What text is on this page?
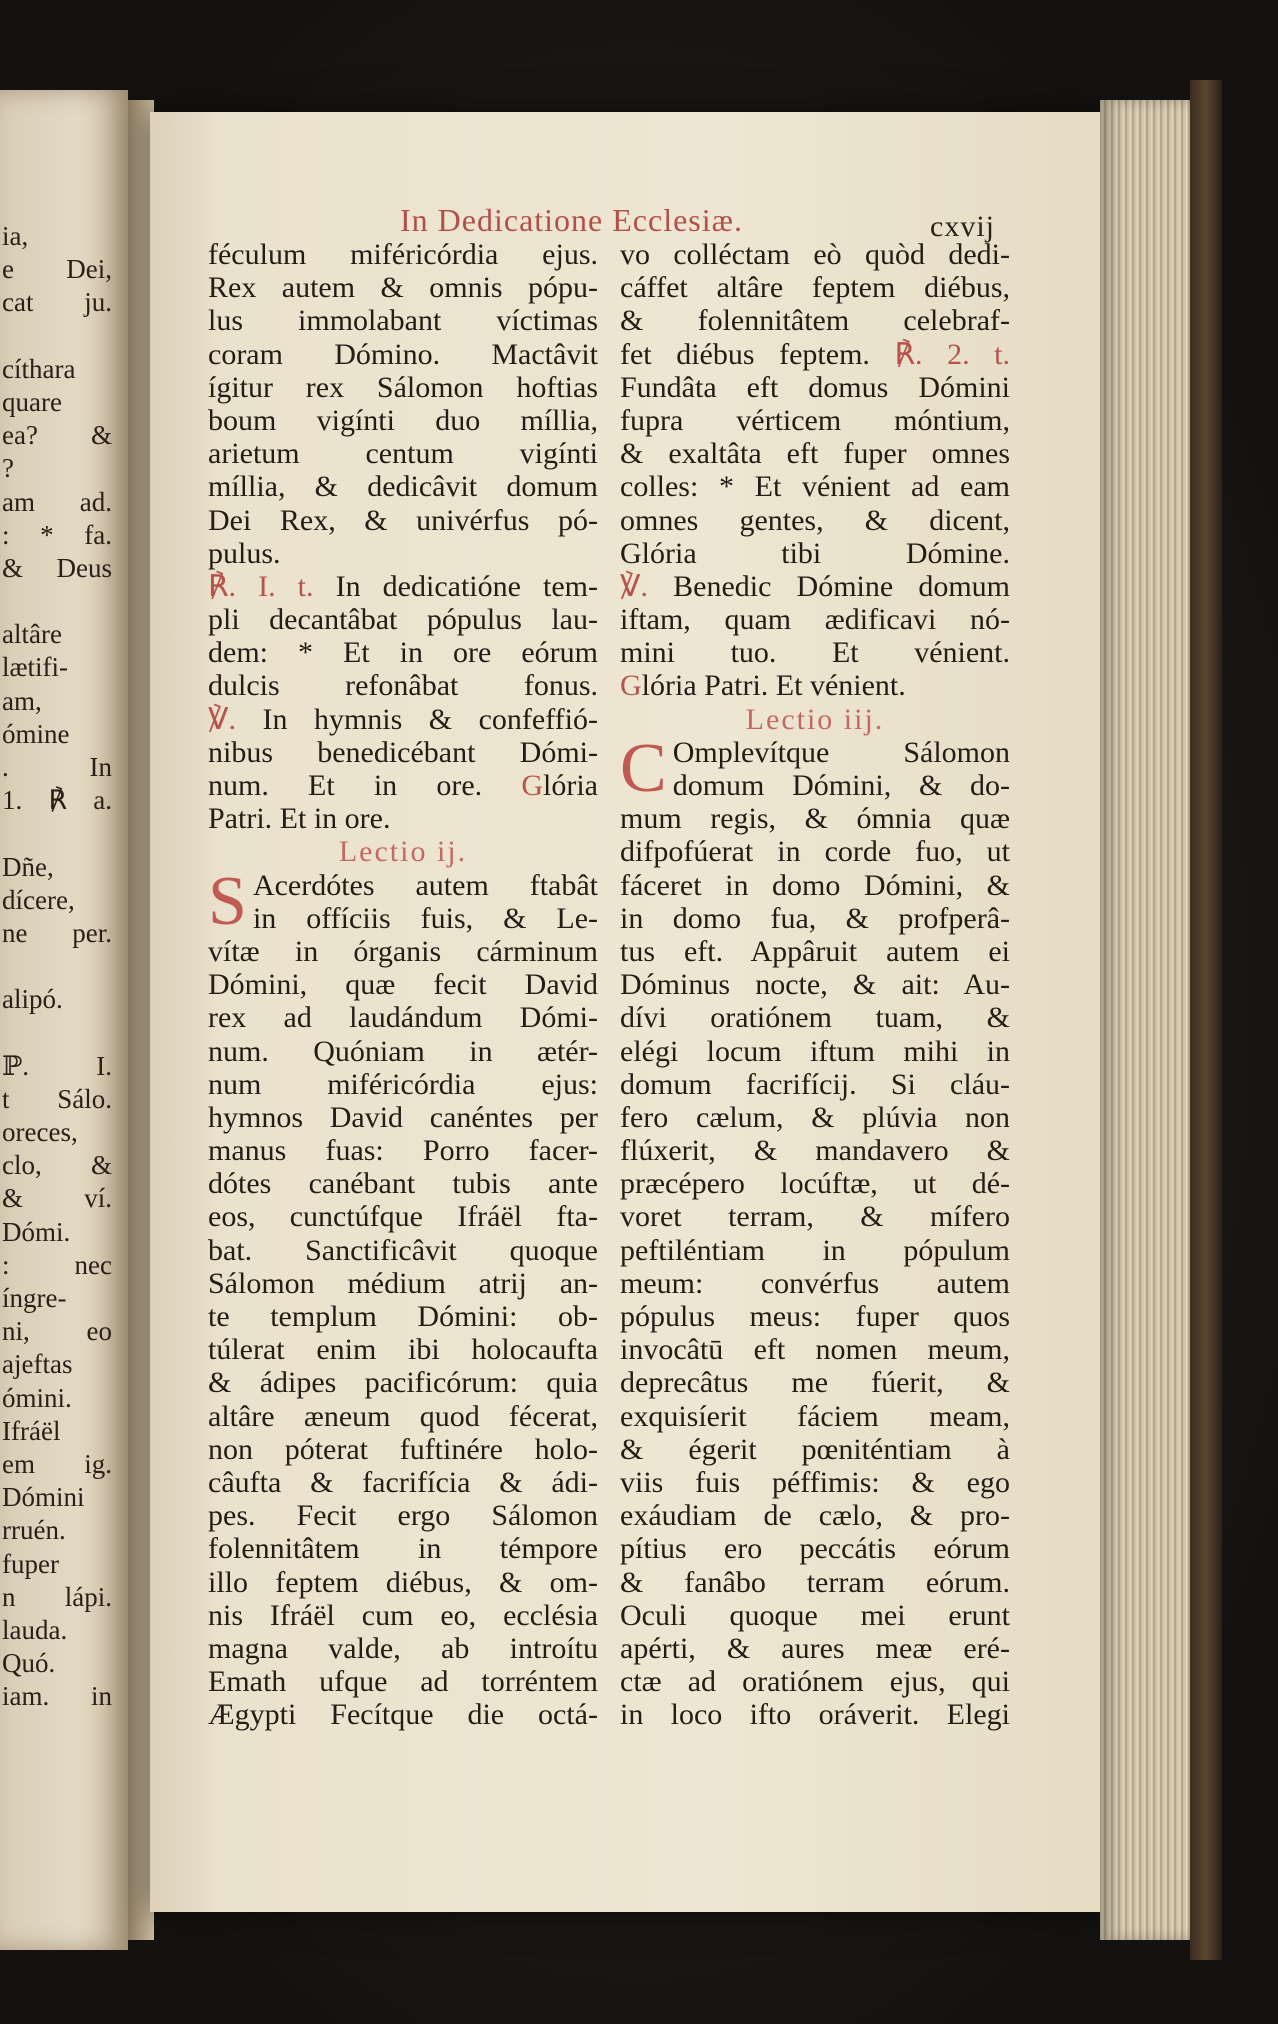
ia,
e Dei,
cat ju.
cíthara
quare
ea? &
?
am ad.
: * fa.
& Deus
altâre
lætifi-
am,
ómine
. In
1. ℟ a.
Dñe,
dícere,
ne per.
alipó.
ℙ. I.
t Sálo.
oreces,
clo, &
& ví.
Dómi.
: nec
íngre-
ni, eo
ajeftas
ómini.
Ifráël
em ig.
Dómini
rruén.
fuper
n lápi.
lauda.
Quó.
iam. in
In Dedicatione Ecclesiæ.	cxvij
féculum miféricórdia ejus.
Rex autem & omnis pópu-
lus immolabant víctimas
coram Dómino. Mactâvit
ígitur rex Sálomon hoftias
boum vigínti duo míllia,
arietum centum vigínti
míllia, & dedicâvit domum
Dei Rex, & univérfus pó-
pulus.
℟. I. t. In dedicatióne tem-
pli decantâbat pópulus lau-
dem: * Et in ore eórum
dulcis refonâbat fonus.
℣. In hymnis & confeffió-
nibus benedicébant Dómi-
num. Et in ore. Glória
Patri. Et in ore.
Lectio ij.
S Acerdótes autem ftabât
in offíciis fuis, & Le-
vítæ in órganis cárminum
Dómini, quæ fecit David
rex ad laudándum Dómi-
num. Quóniam in ætér-
num miféricórdia ejus:
hymnos David canéntes per
manus fuas: Porro facer-
dótes canébant tubis ante
eos, cunctúfque Ifráël fta-
bat. Sanctificâvit quoque
Sálomon médium atrij an-
te templum Dómini: ob-
túlerat enim ibi holocaufta
& ádipes pacificórum: quia
altâre æneum quod fécerat,
non póterat fuftinére holo-
câufta & facrifícia & ádi-
pes. Fecit ergo Sálomon
folennitâtem in témpore
illo feptem diébus, & om-
nis Ifráël cum eo, ecclésia
magna valde, ab introítu
Emath ufque ad torréntem
Ægypti Fecítque die octá-
vo colléctam eò quòd dedi-
cáffet altâre feptem diébus,
& folennitâtem celebraf-
fet diébus feptem. ℟. 2. t.
Fundâta eft domus Dómini
fupra vérticem móntium,
& exaltâta eft fuper omnes
colles: * Et vénient ad eam
omnes gentes, & dicent,
Glória tibi Dómine.
℣. Benedic Dómine domum
iftam, quam ædificavi nó-
mini tuo. Et vénient.
Glória Patri. Et vénient.
Lectio iij.
C Omplevítque Sálomon
domum Dómini, & do-
mum regis, & ómnia quæ
difpofúerat in corde fuo, ut
fáceret in domo Dómini, &
in domo fua, & profperâ-
tus eft. Appâruit autem ei
Dóminus nocte, & ait: Au-
dívi oratiónem tuam, &
elégi locum iftum mihi in
domum facrifícij. Si cláu-
fero cælum, & plúvia non
flúxerit, & mandavero &
præcépero locúftæ, ut dé-
voret terram, & mífero
peftiléntiam in pópulum
meum: convérfus autem
pópulus meus: fuper quos
invocâtū eft nomen meum,
deprecâtus me fúerit, &
exquisíerit fáciem meam,
& égerit pœniténtiam à
viis fuis péffimis: & ego
exáudiam de cælo, & pro-
pítius ero peccátis eórum
& fanâbo terram eórum.
Oculi quoque mei erunt
apérti, & aures meæ eré-
ctæ ad oratiónem ejus, qui
in loco ifto oráverit. Elegi
